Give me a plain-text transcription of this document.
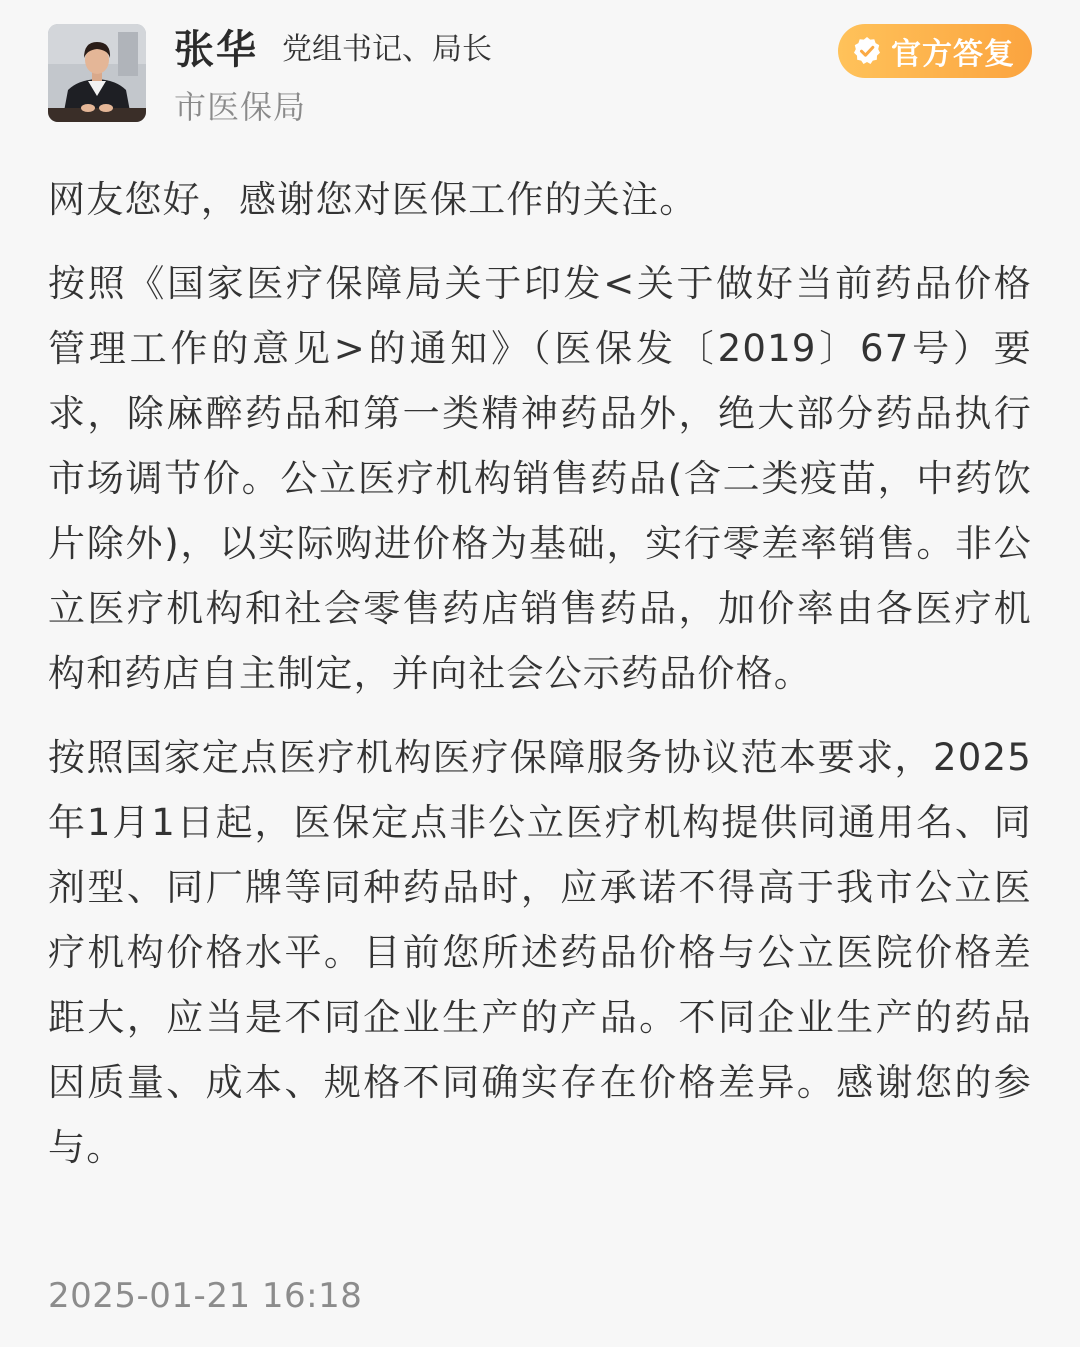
张华 党组书记、局长
市医保局
官方答复

网友您好，感谢您对医保工作的关注。

按照《国家医疗保障局关于印发<关于做好当前药品价格管理工作的意见>的通知》（医保发〔2019〕67号）要求，除麻醉药品和第一类精神药品外，绝大部分药品执行市场调节价。公立医疗机构销售药品(含二类疫苗，中药饮片除外)，以实际购进价格为基础，实行零差率销售。非公立医疗机构和社会零售药店销售药品，加价率由各医疗机构和药店自主制定，并向社会公示药品价格。

按照国家定点医疗机构医疗保障服务协议范本要求，2025年1月1日起，医保定点非公立医疗机构提供同通用名、同剂型、同厂牌等同种药品时，应承诺不得高于我市公立医疗机构价格水平。目前您所述药品价格与公立医院价格差距大，应当是不同企业生产的产品。不同企业生产的药品因质量、成本、规格不同确实存在价格差异。感谢您的参与。

2025-01-21 16:18
